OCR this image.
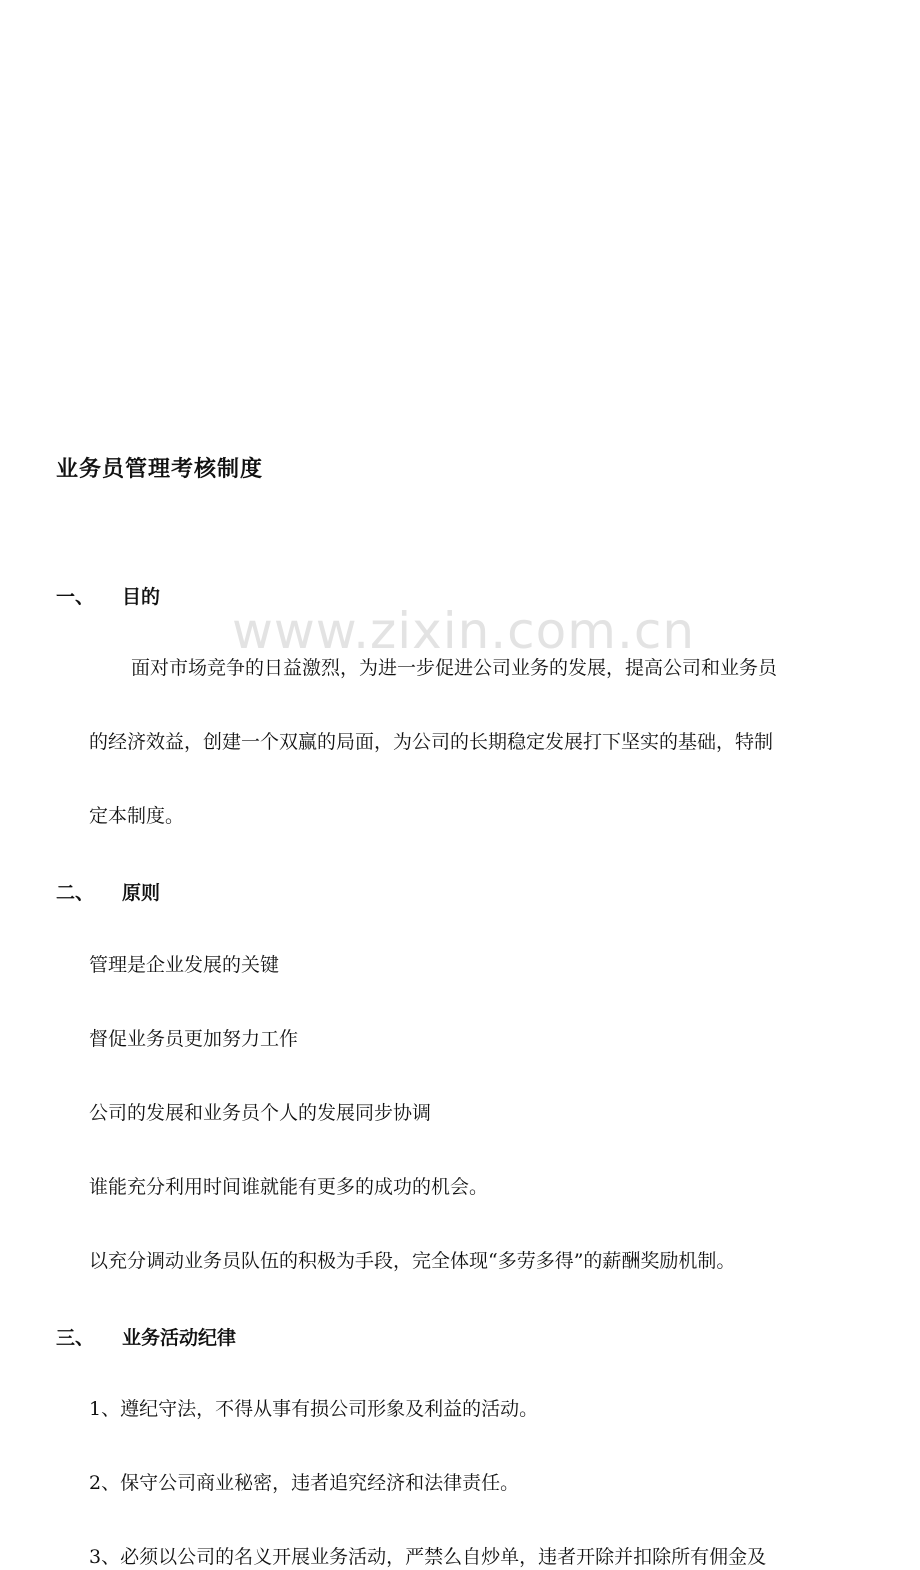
www.zixin.com.cn
业务员管理考核制度
一、 目的
面对市场竞争的日益激烈，为进一步促进公司业务的发展，提高公司和业务员
的经济效益，创建一个双赢的局面，为公司的长期稳定发展打下坚实的基础，特制
定本制度。
二、 原则
管理是企业发展的关键
督促业务员更加努力工作
公司的发展和业务员个人的发展同步协调
谁能充分利用时间谁就能有更多的成功的机会。
以充分调动业务员队伍的积极为手段，完全体现“多劳多得”的薪酬奖励机制。
三、 业务活动纪律
1、遵纪守法，不得从事有损公司形象及利益的活动。
2、保守公司商业秘密，违者追究经济和法律责任。
3、必须以公司的名义开展业务活动，严禁么自炒单，违者开除并扣除所有佣金及
